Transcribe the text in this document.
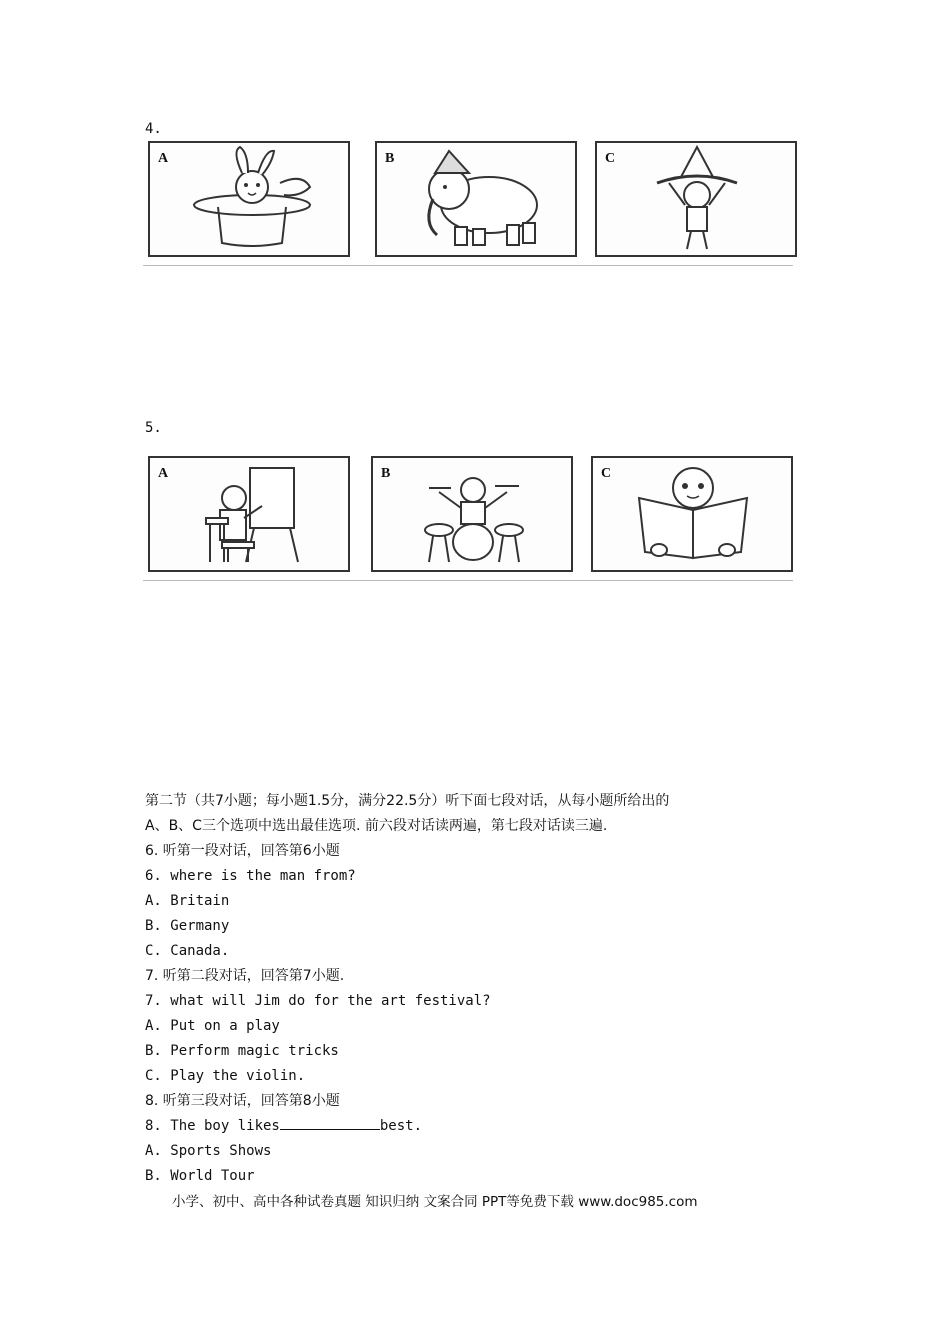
4.
A	B	C
5.
A	B	C
第二节（共7小题；每小题1.5分，满分22.5分）听下面七段对话，从每小题所给出的
A、B、C三个选项中选出最佳选项. 前六段对话读两遍，第七段对话读三遍.
6. 听第一段对话，回答第6小题
6. where is the man from?
A. Britain
B. Germany
C. Canada.
7. 听第二段对话，回答第7小题.
7. what will Jim do for the art festival?
A. Put on a play
B. Perform magic tricks
C. Play the violin.
8. 听第三段对话，回答第8小题
8. The boy likes	best.
A. Sports Shows
B. World Tour
小学、初中、高中各种试卷真题 知识归纳 文案合同 PPT等免费下载 www.doc985.com
